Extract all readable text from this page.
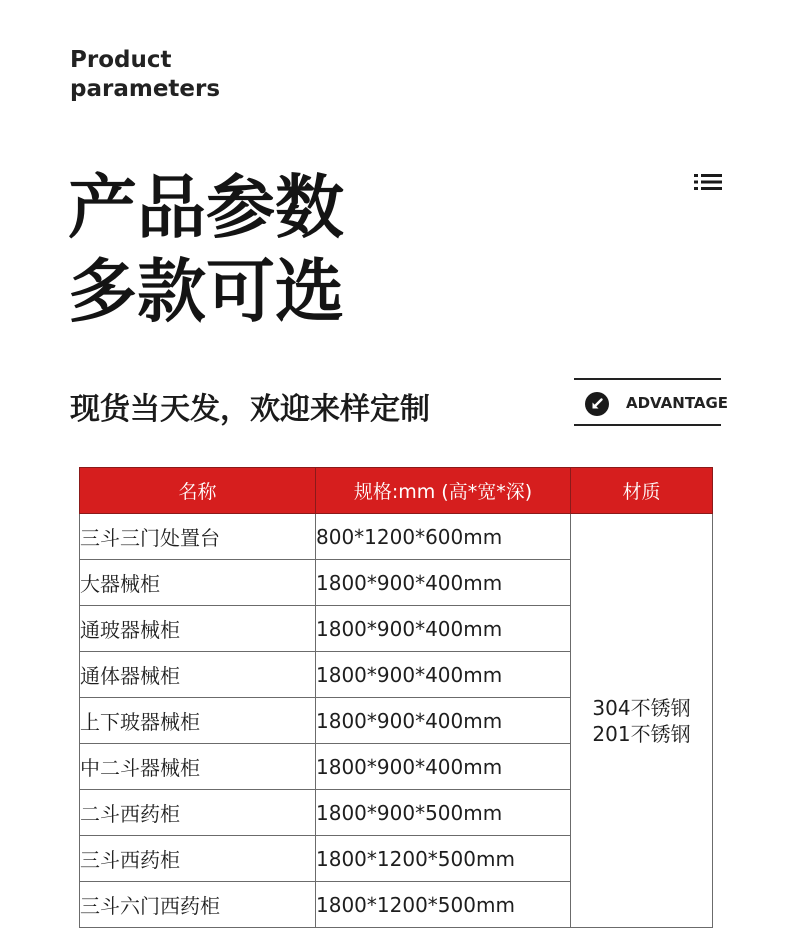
Product
parameters
产品参数
多款可选
现货当天发，欢迎来样定制	ADVANTAGE
名称	规格:mm (高*宽*深)	材质
三斗三门处置台	800*1200*600mm	304不锈钢
201不锈钢

大器械柜	1800*900*400mm	
通玻器械柜	1800*900*400mm	
通体器械柜	1800*900*400mm	
上下玻器械柜	1800*900*400mm	
中二斗器械柜	1800*900*400mm	
二斗西药柜	1800*900*500mm	
三斗西药柜	1800*1200*500mm	
三斗六门西药柜	1800*1200*500mm	
